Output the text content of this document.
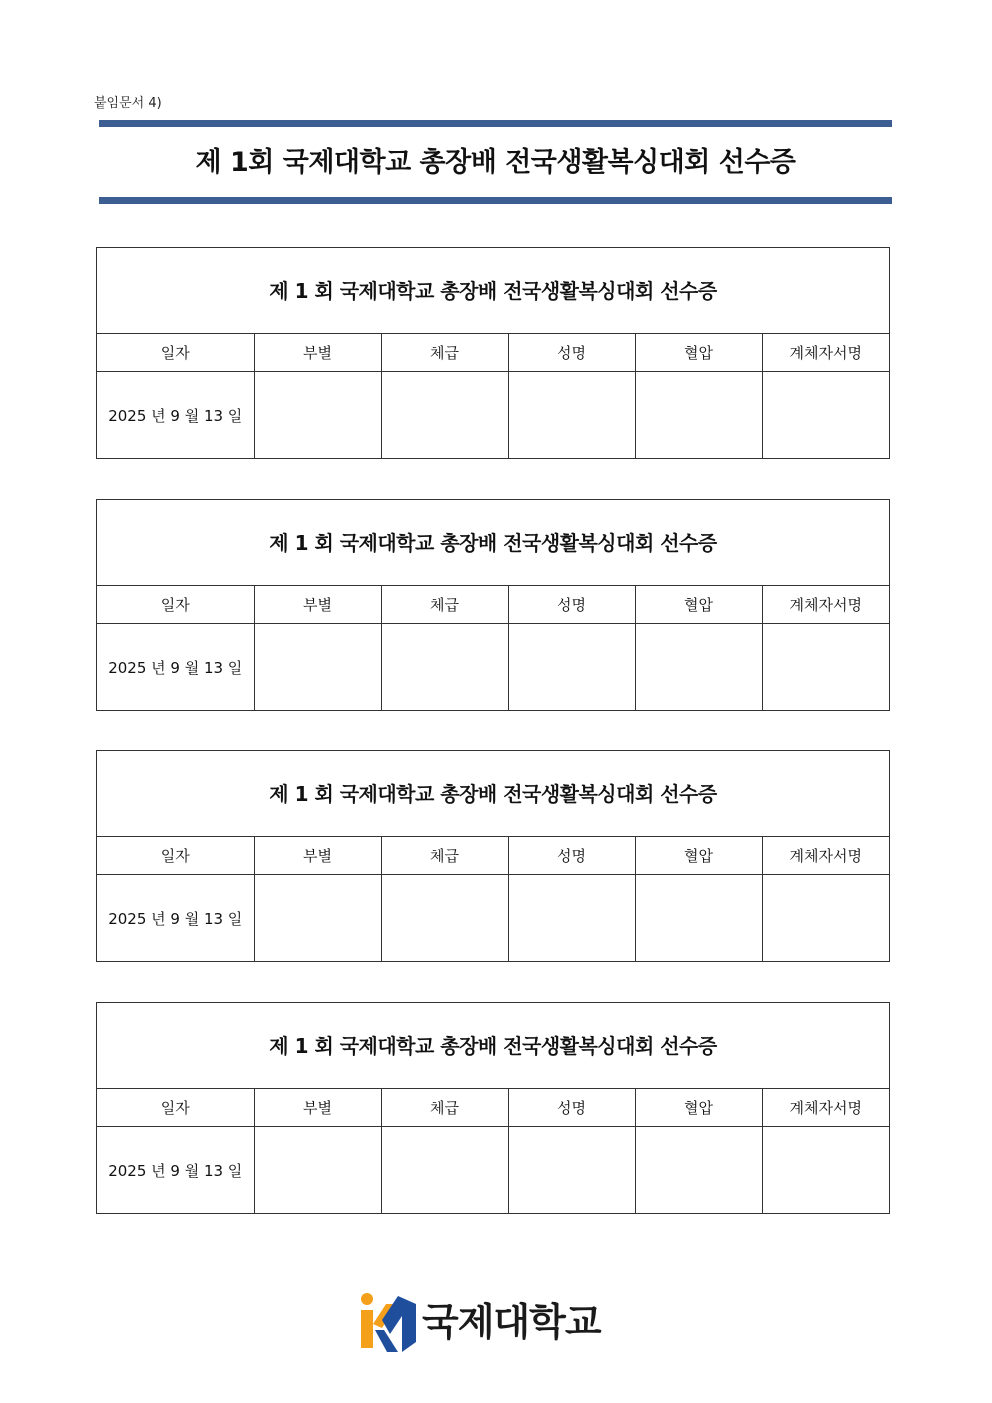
붙임문서 4)
제 1회 국제대학교 총장배 전국생활복싱대회 선수증
제 1 회 국제대학교 총장배 전국생활복싱대회 선수증
일자	부별	체급	성명	혈압	계체자서명
2025 년 9 월 13 일					
제 1 회 국제대학교 총장배 전국생활복싱대회 선수증
일자	부별	체급	성명	혈압	계체자서명
2025 년 9 월 13 일					
제 1 회 국제대학교 총장배 전국생활복싱대회 선수증
일자	부별	체급	성명	혈압	계체자서명
2025 년 9 월 13 일					
제 1 회 국제대학교 총장배 전국생활복싱대회 선수증
일자	부별	체급	성명	혈압	계체자서명
2025 년 9 월 13 일					
국제대학교
